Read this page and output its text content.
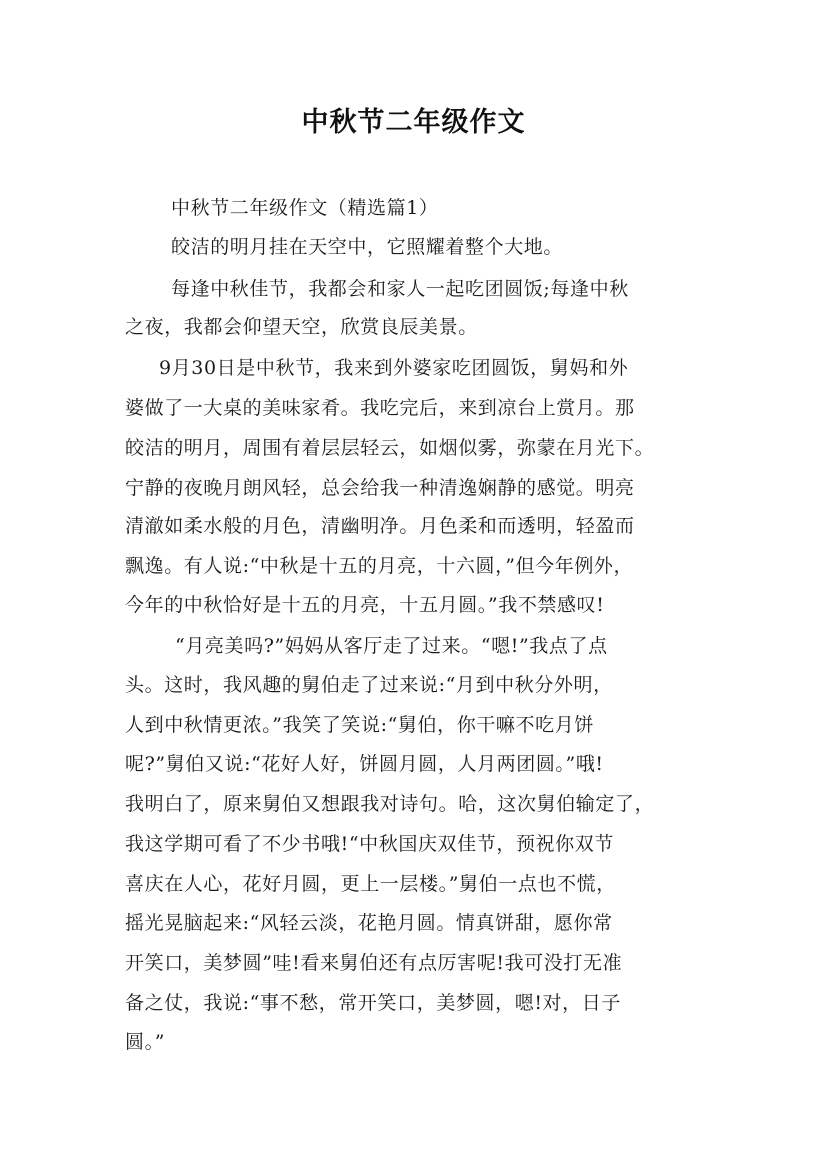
中秋节二年级作文
中秋节二年级作文（精选篇1）
皎洁的明月挂在天空中，它照耀着整个大地。
每逢中秋佳节，我都会和家人一起吃团圆饭;每逢中秋
之夜，我都会仰望天空，欣赏良辰美景。
9月30日是中秋节，我来到外婆家吃团圆饭，舅妈和外
婆做了一大桌的美味家肴。我吃完后，来到凉台上赏月。那
皎洁的明月，周围有着层层轻云，如烟似雾，弥蒙在月光下。
宁静的夜晚月朗风轻，总会给我一种清逸娴静的感觉。明亮
清澈如柔水般的月色，清幽明净。月色柔和而透明，轻盈而
飘逸。有人说:“中秋是十五的月亮，十六圆，”但今年例外，
今年的中秋恰好是十五的月亮，十五月圆。”我不禁感叹!
“月亮美吗?”妈妈从客厅走了过来。“嗯!”我点了点
头。这时，我风趣的舅伯走了过来说:“月到中秋分外明，
人到中秋情更浓。”我笑了笑说:“舅伯，你干嘛不吃月饼
呢?”舅伯又说:“花好人好，饼圆月圆，人月两团圆。”哦!
我明白了，原来舅伯又想跟我对诗句。哈，这次舅伯输定了，
我这学期可看了不少书哦!“中秋国庆双佳节，预祝你双节
喜庆在人心，花好月圆，更上一层楼。”舅伯一点也不慌，
摇光晃脑起来:“风轻云淡，花艳月圆。情真饼甜，愿你常
开笑口，美梦圆”哇!看来舅伯还有点厉害呢!我可没打无准
备之仗，我说:“事不愁，常开笑口，美梦圆，嗯!对，日子
圆。”
